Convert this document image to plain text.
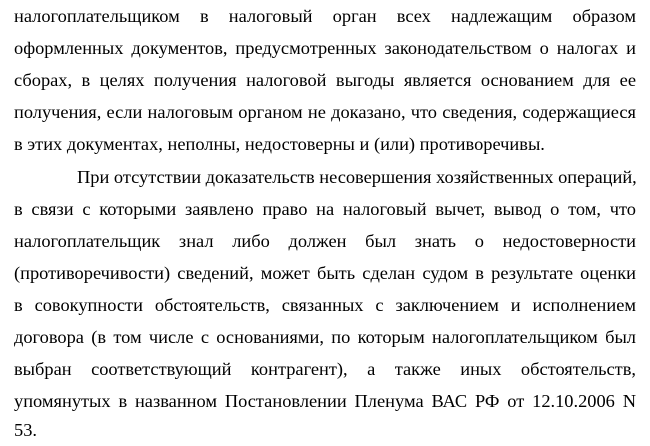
налогоплательщиком в налоговый орган всех надлежащим образом

оформленных документов, предусмотренных законодательством о налогах и

сборах, в целях получения налоговой выгоды является основанием для ее

получения, если налоговым органом не доказано, что сведения, содержащиеся

в этих документах, неполны, недостоверны и (или) противоречивы.

При отсутствии доказательств несовершения хозяйственных операций,

в связи с которыми заявлено право на налоговый вычет, вывод о том, что

налогоплательщик знал либо должен был знать о недостоверности

(противоречивости) сведений, может быть сделан судом в результате оценки

в совокупности обстоятельств, связанных с заключением и исполнением

договора (в том числе с основаниями, по которым налогоплательщиком был

выбран соответствующий контрагент), а также иных обстоятельств,

упомянутых в названном Постановлении Пленума ВАС РФ от 12.10.2006 N

53.
